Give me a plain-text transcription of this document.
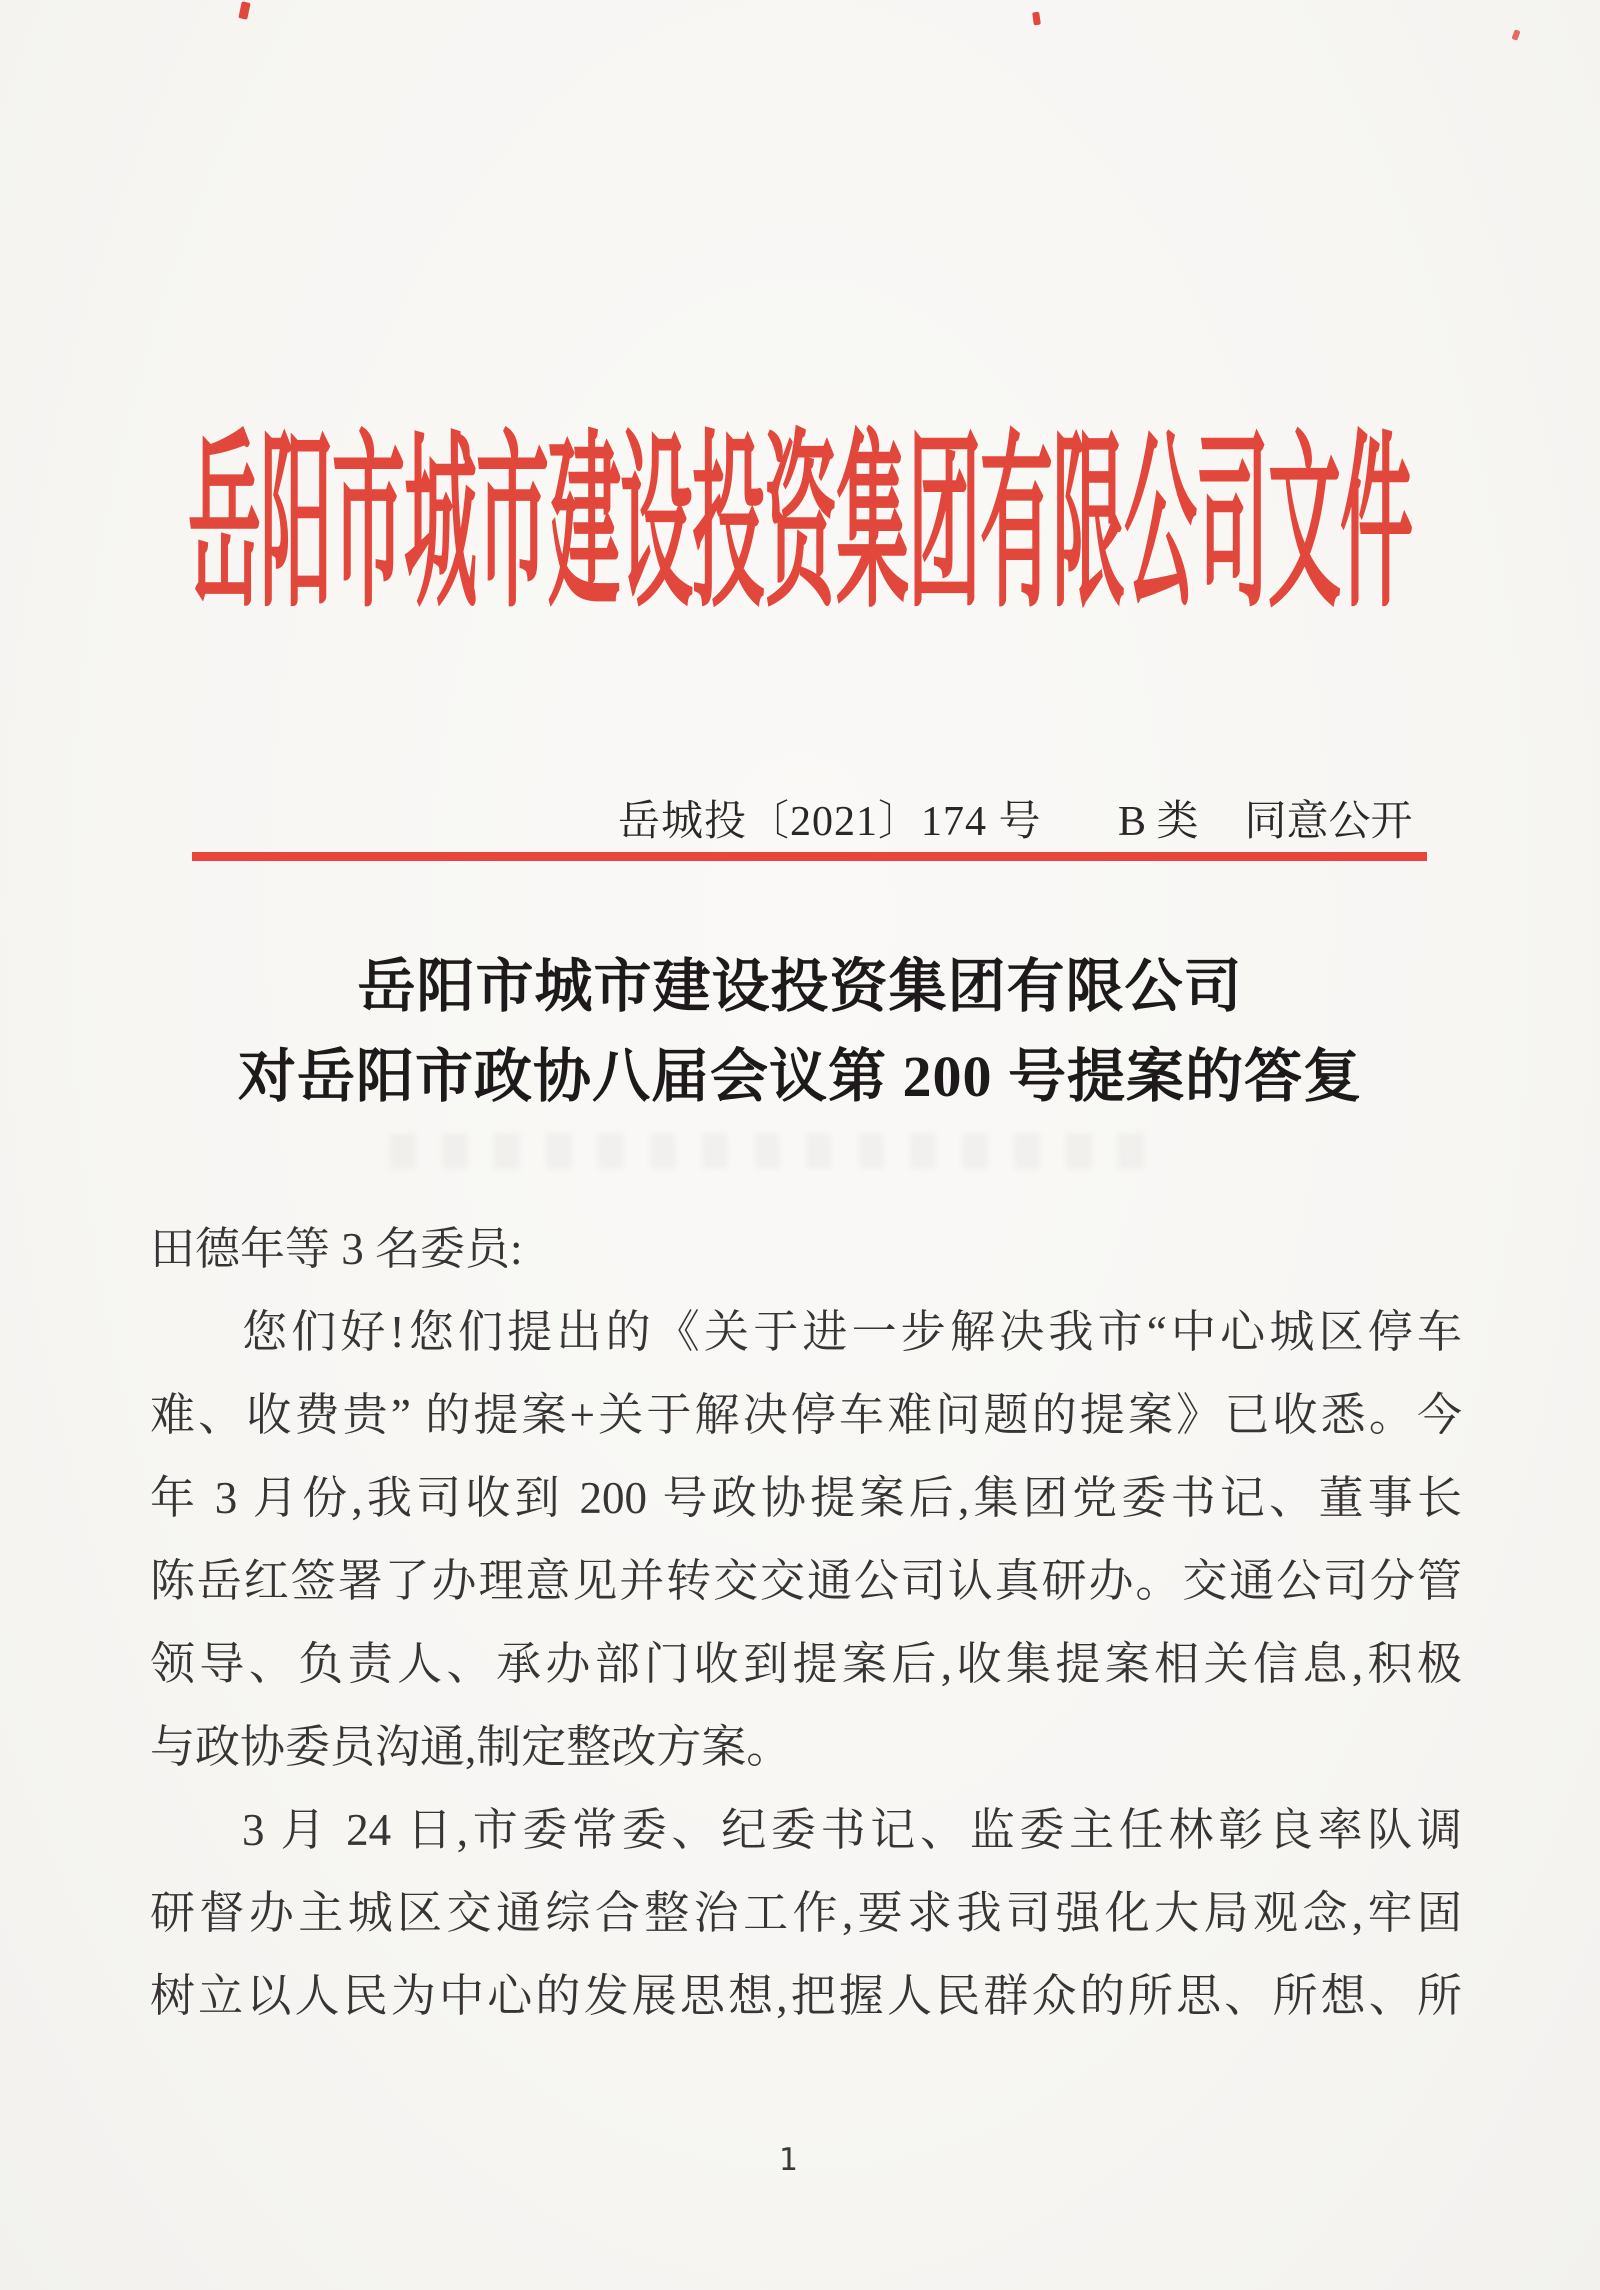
岳阳市城市建设投资集团有限公司文件
岳城投〔2021〕174 号 B 类 同意公开
岳阳市城市建设投资集团有限公司
对岳阳市政协八届会议第 200 号提案的答复
田德年等 3 名委员:
您们好!您们提出的《关于进一步解决我市“中心城区停车
难、收费贵” 的提案+关于解决停车难问题的提案》已收悉。今
年 3 月份,我司收到 200 号政协提案后,集团党委书记、董事长
陈岳红签署了办理意见并转交交通公司认真研办。交通公司分管
领导、负责人、承办部门收到提案后,收集提案相关信息,积极
与政协委员沟通,制定整改方案。
3 月 24 日,市委常委、纪委书记、监委主任林彰良率队调
研督办主城区交通综合整治工作,要求我司强化大局观念,牢固
树立以人民为中心的发展思想,把握人民群众的所思、所想、所
1
